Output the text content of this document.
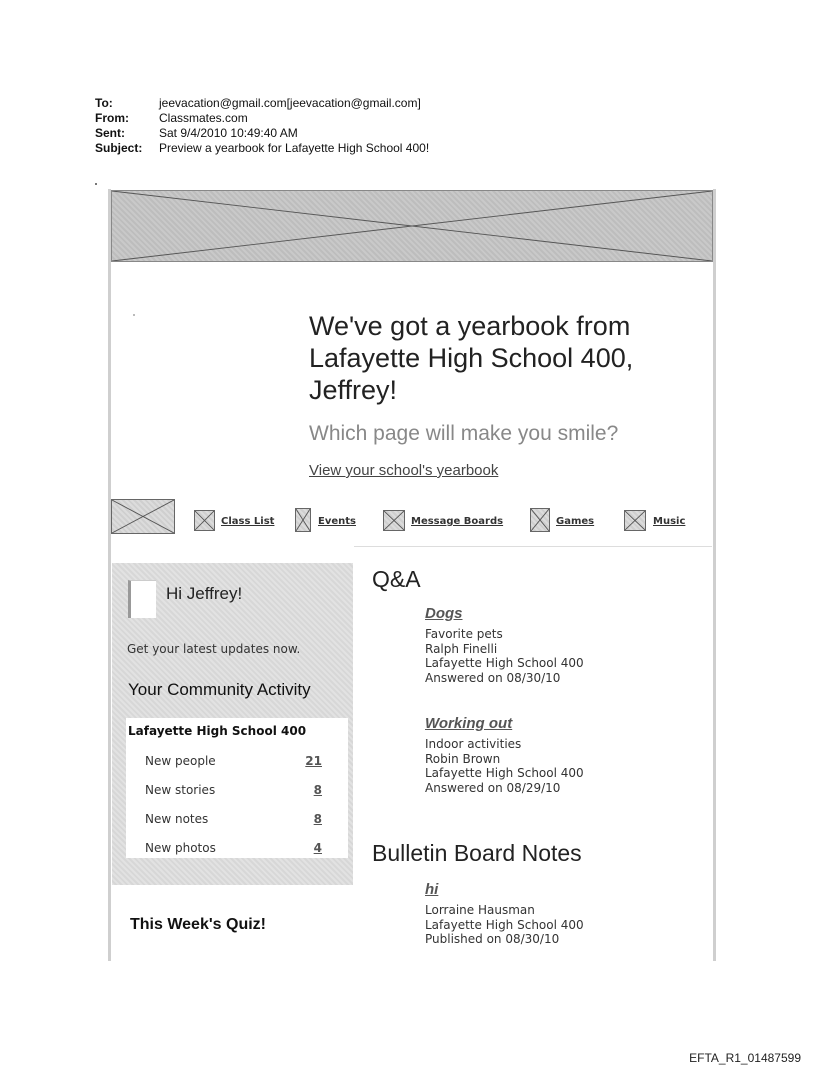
To:	jeevacation@gmail.com[jeevacation@gmail.com]
From:	Classmates.com
Sent:	Sat 9/4/2010 10:49:40 AM
Subject:	Preview a yearbook for Lafayette High School 400!
We've got a yearbook from Lafayette High School 400, Jeffrey!
Which page will make you smile?
View your school's yearbook
Class List	Events	Message Boards	Games	Music
Hi Jeffrey!
Get your latest updates now.
Your Community Activity
Lafayette High School 400
New people	21
New stories	8
New notes	8
New photos	4
This Week's Quiz!
Q&A
Dogs
Favorite pets
Ralph Finelli
Lafayette High School 400
Answered on 08/30/10
Working out
Indoor activities
Robin Brown
Lafayette High School 400
Answered on 08/29/10
Bulletin Board Notes
hi
Lorraine Hausman
Lafayette High School 400
Published on 08/30/10
EFTA_R1_01487599
